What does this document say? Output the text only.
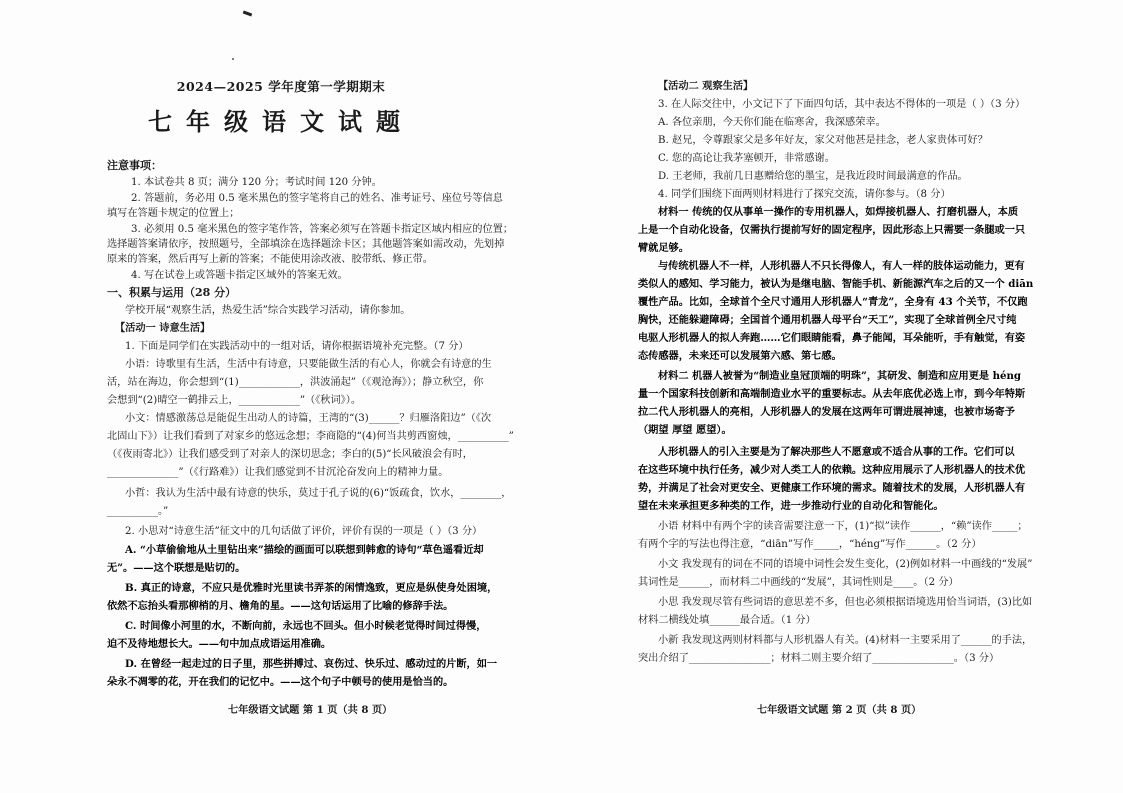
2024—2025 学年度第一学期期末
七年级语文试题

注意事项：

1. 本试卷共 8 页；满分 120 分；考试时间 120 分钟。

2. 答题前，务必用 0.5 毫米黑色的签字笔将自己的姓名、准考证号、座位号等信息

填写在答题卡规定的位置上；

3. 必须用 0.5 毫米黑色的签字笔作答，答案必须写在答题卡指定区域内相应的位置；

选择题答案请依序，按照题号，全部填涂在选择题涂卡区；其他题答案如需改动，先划掉

原来的答案，然后再写上新的答案；不能使用涂改液、胶带纸、修正带。

4. 写在试卷上或答题卡指定区域外的答案无效。

一、积累与运用（28 分）

学校开展“观察生活，热爱生活”综合实践学习活动，请你参加。

【活动一 诗意生活】

1. 下面是同学们在实践活动中的一组对话，请你根据语境补充完整。（7 分）

小语：诗歌里有生活，生活中有诗意，只要能做生活的有心人，你就会有诗意的生

活，站在海边，你会想到“(1)____________，洪波涌起”（《观沧海》）；静立秋空，你

会想到“(2)晴空一鹤排云上，____________”（《秋词》）。

小文：情感激荡总是能促生出动人的诗篇，王湾的“(3)______？归雁洛阳边”（《次

北固山下》）让我们看到了对家乡的悠远念想；李商隐的“(4)何当共剪西窗烛，__________”

（《夜雨寄北》）让我们感受到了对亲人的深切思念；李白的(5)“长风破浪会有时，

______________”（《行路难》）让我们感觉到不甘沉沦奋发向上的精神力量。

小哲：我认为生活中最有诗意的快乐，莫过于孔子说的(6)“饭疏食，饮水，________，

__________。”

2. 小思对“诗意生活”征文中的几句话做了评价，评价有误的一项是（ ）（3 分）

A. “小草偷偷地从土里钻出来”描绘的画面可以联想到韩愈的诗句“草色遥看近却

无”。——这个联想是贴切的。

B. 真正的诗意，不应只是优雅时光里读书弄茶的闲情逸致，更应是纵使身处困境，

依然不忘抬头看那柳梢的月、檐角的星。——这句话运用了比喻的修辞手法。

C. 时间像小河里的水，不断向前，永远也不回头。但小时候老觉得时间过得慢，

迫不及待地想长大。——句中加点成语运用准确。

D. 在曾经一起走过的日子里，那些拼搏过、哀伤过、快乐过、感动过的片断，如一

朵永不凋零的花，开在我们的记忆中。——这个句子中顿号的使用是恰当的。

七年级语文试题 第 1 页（共 8 页）

【活动二 观察生活】

3. 在人际交往中，小文记下了下面四句话，其中表达不得体的一项是（ ）（3 分）

A. 各位亲朋，今天你们能在临寒舍，我深感荣幸。

B. 赵兄，令尊跟家父是多年好友，家父对他甚是挂念，老人家贵体可好？

C. 您的高论让我茅塞顿开，非常感谢。

D. 王老师，我前几日惠赠给您的墨宝，是我近段时间最满意的作品。

4. 同学们围绕下面两则材料进行了探究交流，请你参与。（8 分）

材料一 传统的仅从事单一操作的专用机器人，如焊接机器人、打磨机器人，本质

上是一个自动化设备，仅需执行提前写好的固定程序，因此形态上只需要一条腿或一只

臂就足够。

与传统机器人不一样，人形机器人不只长得像人，有人一样的肢体运动能力，更有

类似人的感知、学习能力，被认为是继电脑、智能手机、新能源汽车之后的又一个 diān

覆性产品。比如，全球首个全尺寸通用人形机器人“青龙”，全身有 43 个关节，不仅跑

胸快，还能躲避障碍；全国首个通用机器人母平台“天工”，实现了全球首例全尺寸纯

电驱人形机器人的拟人奔跑……它们眼睛能看，鼻子能闻，耳朵能听，手有触觉，有姿

态传感器，未来还可以发展第六感、第七感。

材料二 机器人被誉为“制造业皇冠顶端的明珠”，其研发、制造和应用更是 héng

量一个国家科技创新和高端制造业水平的重要标志。从去年底优必选上市，到今年特斯

拉二代人形机器人的亮相，人形机器人的发展在这两年可谓进展神速，也被市场寄予

（期望 厚望 愿望）。

人形机器人的引入主要是为了解决那些人不愿意或不适合从事的工作。它们可以

在这些环境中执行任务，减少对人类工人的依赖。这种应用展示了人形机器人的技术优

势，并满足了社会对更安全、更健康工作环境的需求。随着技术的发展，人形机器人有

望在未来承担更多种类的工作，进一步推动行业的自动化和智能化。

小语 材料中有两个字的读音需要注意一下，(1)“拟”读作______，“赖”读作_____；

有两个字的写法也得注意，“diān”写作_____，“héng”写作______。（2 分）

小文 我发现有的词在不同的语境中词性会发生变化，(2)例如材料一中画线的“发展”

其词性是______，而材料二中画线的“发展”，其词性则是____。（2 分）

小思 我发现尽管有些词语的意思差不多，但也必须根据语境选用恰当词语，(3)比如

材料二横线处填______最合适。（1 分）

小新 我发现这两则材料都与人形机器人有关。(4)材料一主要采用了______的手法，

突出介绍了________________；材料二则主要介绍了________________。（3 分）

七年级语文试题 第 2 页（共 8 页）
